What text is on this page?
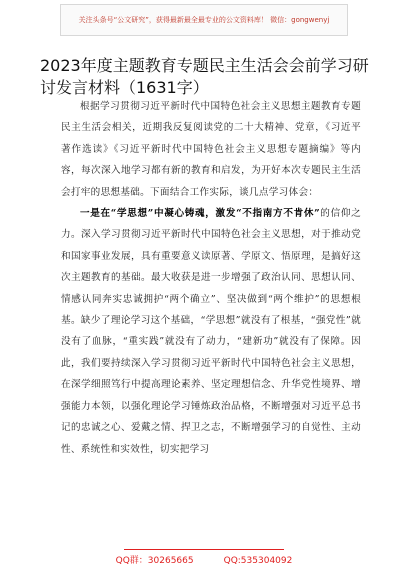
关注头条号“公文研究”，获得最新最全最专业的公文资料库！ 微信：gongwenyj
2023年度主题教育专题民主生活会会前学习研讨发言材料（1631字）

根据学习贯彻习近平新时代中国特色社会主义思想主题教育专题民主生活会相关，近期我反复阅读党的二十大精神、党章，《习近平著作选读》《习近平新时代中国特色社会主义思想专题摘编》等内容，每次深入地学习都有新的教育和启发，为开好本次专题民主生活会打牢的思想基础。下面结合工作实际，谈几点学习体会：

一是在“学思想”中凝心铸魂，激发“不指南方不肯休”的信仰之力。深入学习贯彻习近平新时代中国特色社会主义思想，对于推动党和国家事业发展，具有重要意义读原著、学原文、悟原理，是搞好这次主题教育的基础。最大收获是进一步增强了政治认同、思想认同、情感认同奔实忠诚拥护“两个确立”、坚决做到“两个维护”的思想根基。缺少了理论学习这个基础，“学思想”就没有了根基，“强党性”就没有了血脉，“重实践”就没有了动力，“建新功”就没有了保障。因此，我们要持续深入学习贯彻习近平新时代中国特色社会主义思想，在深学细照笃行中提高理论素养、坚定理想信念、升华党性境界、增强能力本领，以强化理论学习锤炼政治品格，不断增强对习近平总书记的忠诚之心、爱戴之情、捍卫之志，不断增强学习的自觉性、主动性、系统性和实效性，切实把学习

QQ群：30265665	QQ:535304092
